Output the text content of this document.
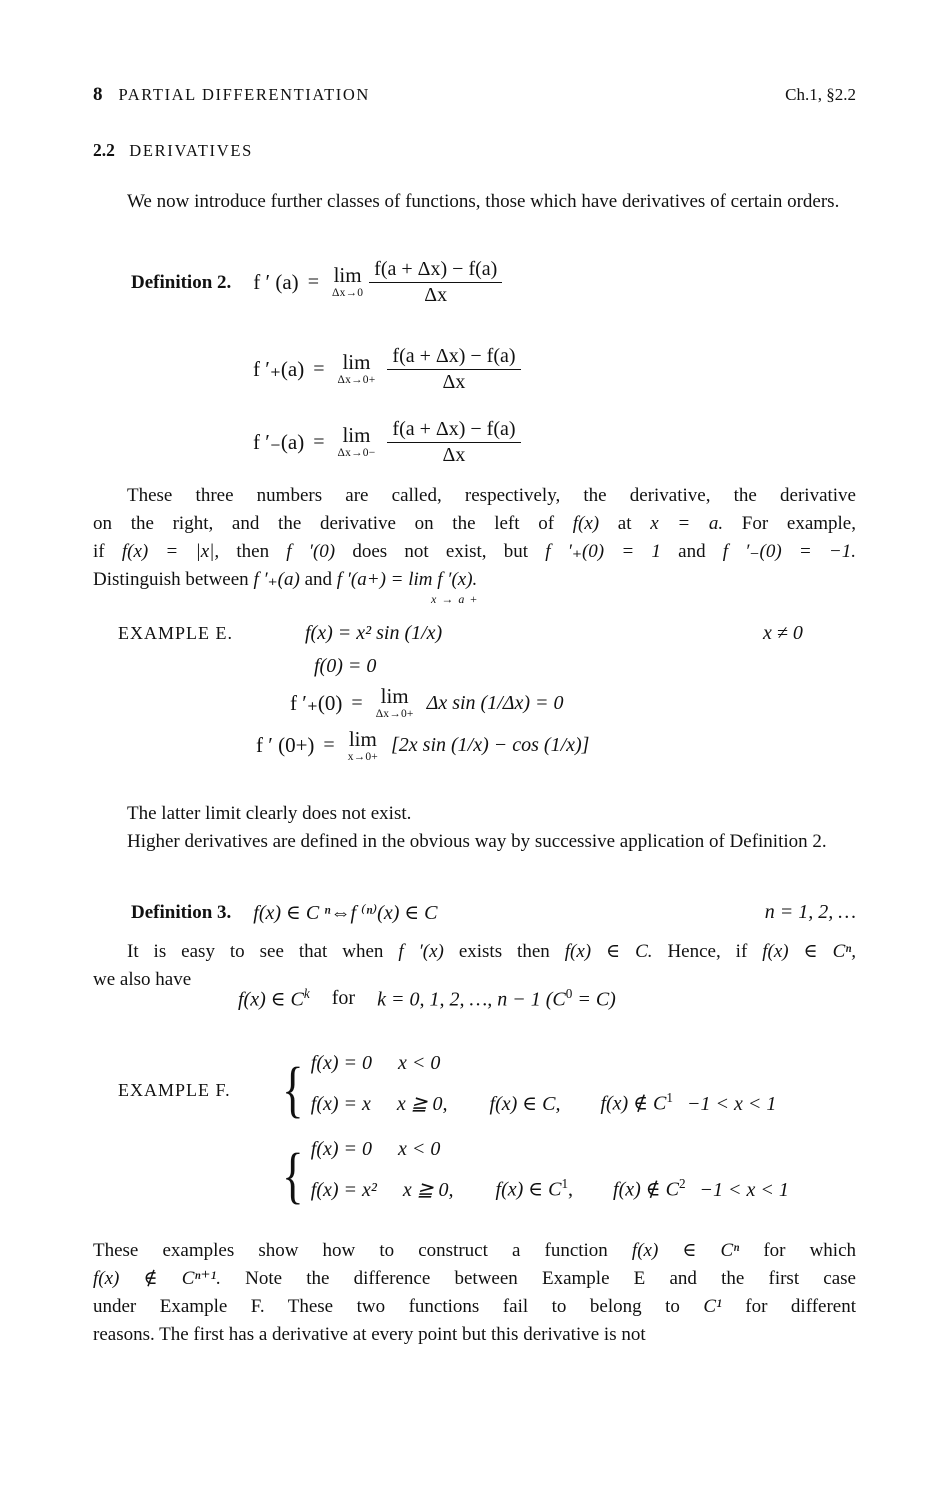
8 PARTIAL DIFFERENTIATION	Ch.1, §2.2
2.2 DERIVATIVES
We now introduce further classes of functions, those which have derivatives of certain orders.
Definition 2. f ′ (a) = lim
$\Delta x\to 0 \frac{f(a + \Delta x) - f(a)}{\Delta x}$
f ′₊(a) = lim
$\Delta x\to 0+ \frac{f(a + \Delta x) - f(a)}{\Delta x}$
f ′₋(a) = lim
$\Delta x\to 0- \frac{f(a + \Delta x) - f(a)}{\Delta x}$
These three numbers are called, respectively, the derivative, the derivative
on the right, and the derivative on the left of f(x) at x = a. For example,
if f(x) = |x|, then f ′(0) does not exist, but f ′₊(0) = 1 and f ′₋(0) = −1.
Distinguish between f ′₊(a) and f ′(a+) = lim f ′(x).
x → a +
EXAMPLE E.	f(x) = x² sin (1/x)
f(0) = 0
f ′₊(0) = lim
Δx→0+
Δx sin (1/Δx) = 0
f ′ (0+) = lim
x→0+
[2x sin (1/x) − cos (1/x)]
x ≠ 0
The latter limit clearly does not exist.
Higher derivatives are defined in the obvious way by successive application of Definition 2.
Definition 3. f(x) ∈ C ⁿ⇔f ⁽ⁿ⁾(x) ∈ C	n = 1, 2, …
It is easy to see that when f ′(x) exists then f(x) ∈ C. Hence, if f(x) ∈ Cⁿ,
we also have
f(x) ∈ $C^k$ for k = 0, 1, 2, …, n − 1 $(C^0 = C)$
EXAMPLE F. { f(x) = 0 x < 0
f(x) = x x ≧ 0, f(x) ∈ C, f(x) ∉ $C^1 -1 < x < 1$
{ f(x) = 0 x < 0
f(x) = x² x ≧ 0, f(x) ∈ $C^1$, f(x) ∉ $C^2 -1 < x < 1$
These examples show how to construct a function f(x) ∈ Cⁿ for which
f(x) ∉ Cⁿ⁺¹. Note the difference between Example E and the first case
under Example F. These two functions fail to belong to C¹ for different
reasons. The first has a derivative at every point but this derivative is not
